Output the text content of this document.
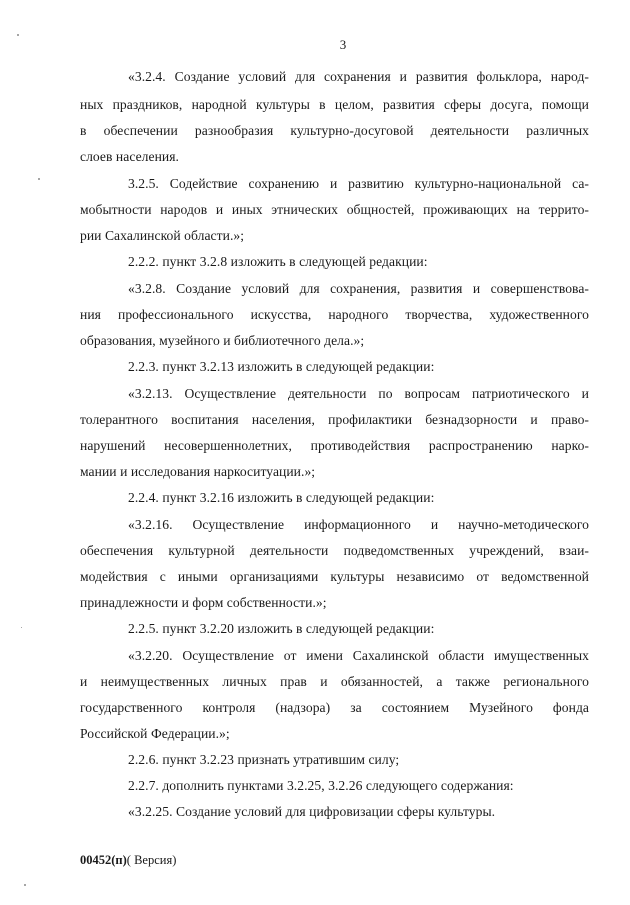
3
«3.2.4. Создание условий для сохранения и развития фольклора, народ-
ных праздников, народной культуры в целом, развития сферы досуга, помощи
в обеспечении разнообразия культурно-досуговой деятельности различных
слоев населения.
3.2.5. Содействие сохранению и развитию культурно-национальной са-
мобытности народов и иных этнических общностей, проживающих на террито-
рии Сахалинской области.»;
2.2.2. пункт 3.2.8 изложить в следующей редакции:
«3.2.8. Создание условий для сохранения, развития и совершенствова-
ния профессионального искусства, народного творчества, художественного
образования, музейного и библиотечного дела.»;
2.2.3. пункт 3.2.13 изложить в следующей редакции:
«3.2.13. Осуществление деятельности по вопросам патриотического и
толерантного воспитания населения, профилактики безнадзорности и право-
нарушений несовершеннолетних, противодействия распространению нарко-
мании и исследования наркоситуации.»;
2.2.4. пункт 3.2.16 изложить в следующей редакции:
«3.2.16. Осуществление информационного и научно-методического
обеспечения культурной деятельности подведомственных учреждений, взаи-
модействия с иными организациями культуры независимо от ведомственной
принадлежности и форм собственности.»;
2.2.5. пункт 3.2.20 изложить в следующей редакции:
«3.2.20. Осуществление от имени Сахалинской области имущественных
и неимущественных личных прав и обязанностей, а также регионального
государственного контроля (надзора) за состоянием Музейного фонда
Российской Федерации.»;
2.2.6. пункт 3.2.23 признать утратившим силу;
2.2.7. дополнить пунктами 3.2.25, 3.2.26 следующего содержания:
«3.2.25. Создание условий для цифровизации сферы культуры.
00452(п)( Версия)
